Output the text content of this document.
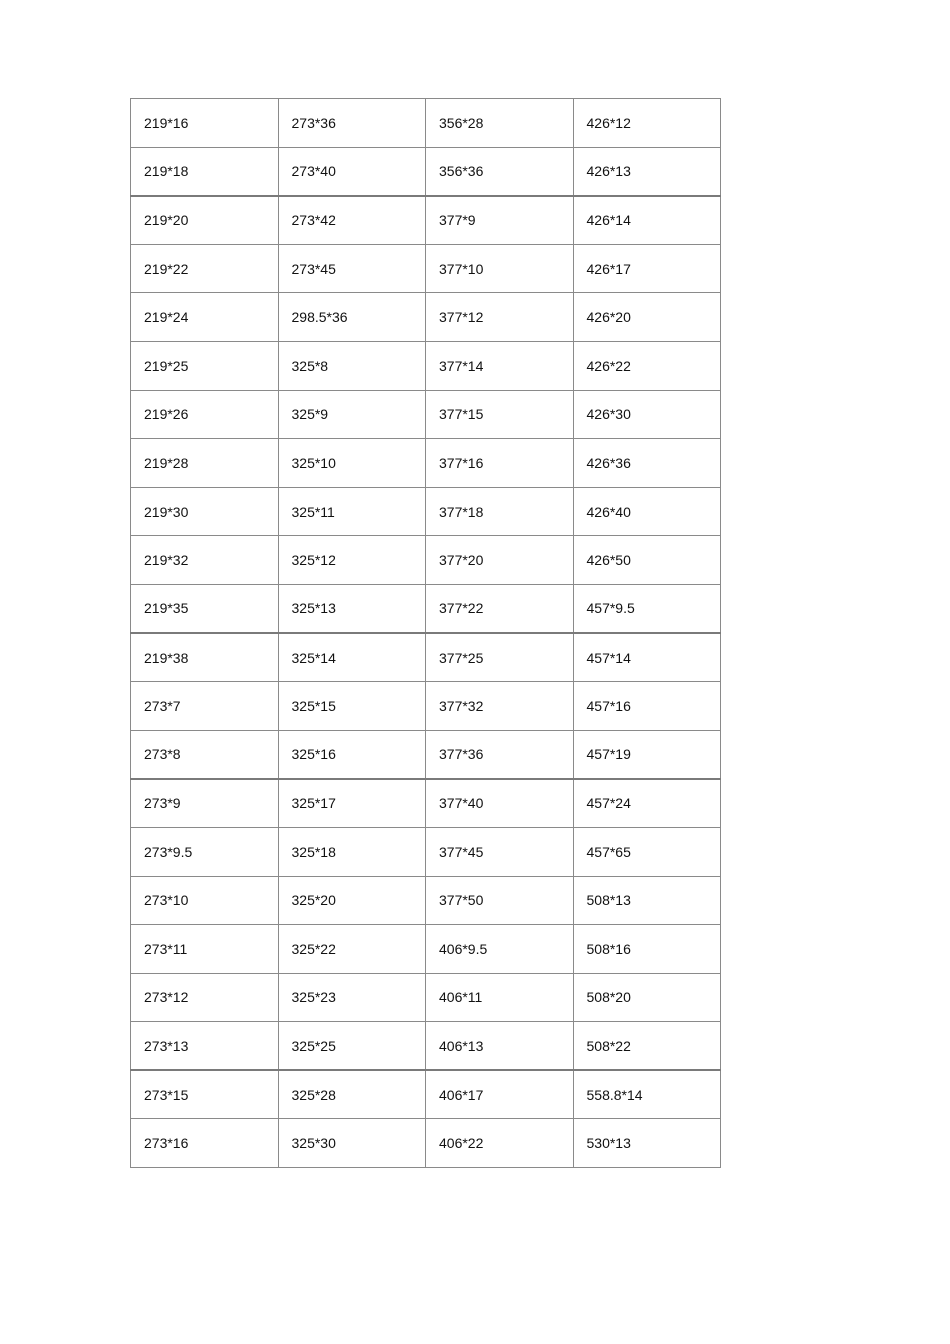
219*16	273*36	356*28	426*12
219*18	273*40	356*36	426*13
219*20	273*42	377*9	426*14
219*22	273*45	377*10	426*17
219*24	298.5*36	377*12	426*20
219*25	325*8	377*14	426*22
219*26	325*9	377*15	426*30
219*28	325*10	377*16	426*36
219*30	325*11	377*18	426*40
219*32	325*12	377*20	426*50
219*35	325*13	377*22	457*9.5
219*38	325*14	377*25	457*14
273*7	325*15	377*32	457*16
273*8	325*16	377*36	457*19
273*9	325*17	377*40	457*24
273*9.5	325*18	377*45	457*65
273*10	325*20	377*50	508*13
273*11	325*22	406*9.5	508*16
273*12	325*23	406*11	508*20
273*13	325*25	406*13	508*22
273*15	325*28	406*17	558.8*14
273*16	325*30	406*22	530*13
